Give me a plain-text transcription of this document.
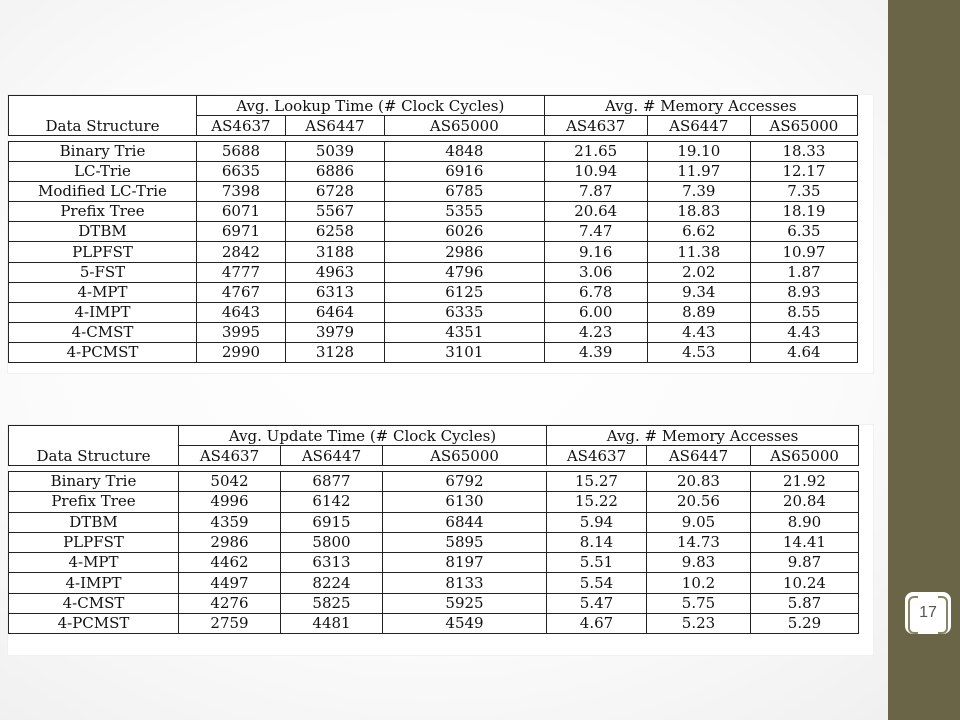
17
Data Structure	Avg. Lookup Time (# Clock Cycles)			Avg. # Memory Accesses		
	AS4637	AS6447	AS65000	AS4637	AS6447	AS65000

Binary Trie	5688	5039	4848	21.65	19.10	18.33
LC-Trie	6635	6886	6916	10.94	11.97	12.17
Modified LC-Trie	7398	6728	6785	7.87	7.39	7.35
Prefix Tree	6071	5567	5355	20.64	18.83	18.19
DTBM	6971	6258	6026	7.47	6.62	6.35
PLPFST	2842	3188	2986	9.16	11.38	10.97
5-FST	4777	4963	4796	3.06	2.02	1.87
4-MPT	4767	6313	6125	6.78	9.34	8.93
4-IMPT	4643	6464	6335	6.00	8.89	8.55
4-CMST	3995	3979	4351	4.23	4.43	4.43
4-PCMST	2990	3128	3101	4.39	4.53	4.64
Data Structure	Avg. Update Time (# Clock Cycles)			Avg. # Memory Accesses		
	AS4637	AS6447	AS65000	AS4637	AS6447	AS65000

Binary Trie	5042	6877	6792	15.27	20.83	21.92
Prefix Tree	4996	6142	6130	15.22	20.56	20.84
DTBM	4359	6915	6844	5.94	9.05	8.90
PLPFST	2986	5800	5895	8.14	14.73	14.41
4-MPT	4462	6313	8197	5.51	9.83	9.87
4-IMPT	4497	8224	8133	5.54	10.2	10.24
4-CMST	4276	5825	5925	5.47	5.75	5.87
4-PCMST	2759	4481	4549	4.67	5.23	5.29
